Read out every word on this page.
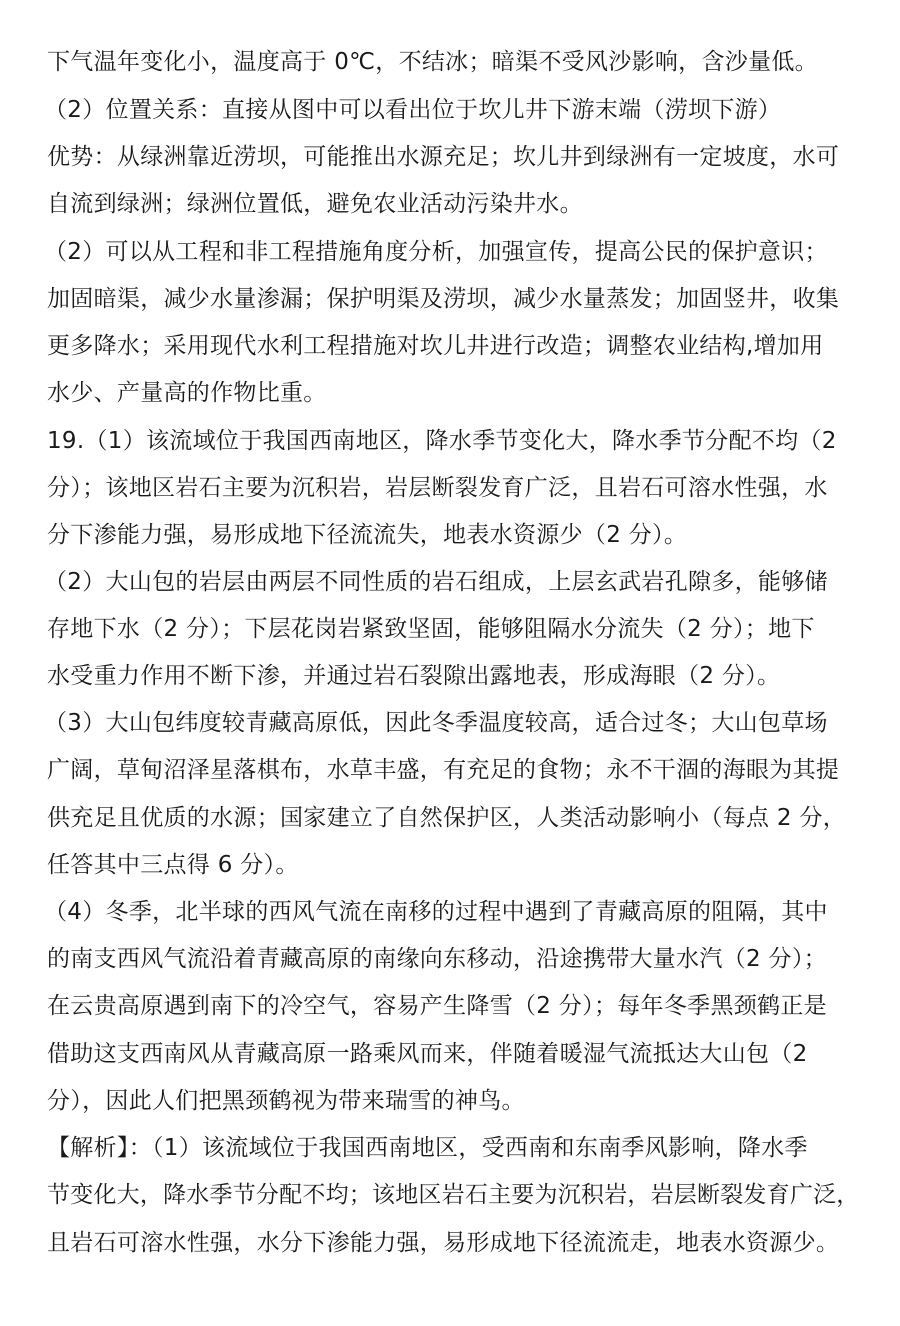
下气温年变化小，温度高于 0℃，不结冰；暗渠不受风沙影响，含沙量低。
（2）位置关系：直接从图中可以看出位于坎儿井下游末端（涝坝下游）
优势：从绿洲靠近涝坝，可能推出水源充足；坎儿井到绿洲有一定坡度，水可
自流到绿洲；绿洲位置低，避免农业活动污染井水。
（2）可以从工程和非工程措施角度分析，加强宣传，提高公民的保护意识；
加固暗渠，减少水量渗漏；保护明渠及涝坝，减少水量蒸发；加固竖井，收集
更多降水；采用现代水利工程措施对坎儿井进行改造；调整农业结构,增加用
水少、产量高的作物比重。
19.（1）该流域位于我国西南地区，降水季节变化大，降水季节分配不均（2
分）；该地区岩石主要为沉积岩，岩层断裂发育广泛，且岩石可溶水性强，水
分下渗能力强，易形成地下径流流失，地表水资源少（2 分）。
（2）大山包的岩层由两层不同性质的岩石组成，上层玄武岩孔隙多，能够储
存地下水（2 分）；下层花岗岩紧致坚固，能够阻隔水分流失（2 分）；地下
水受重力作用不断下渗，并通过岩石裂隙出露地表，形成海眼（2 分）。
（3）大山包纬度较青藏高原低，因此冬季温度较高，适合过冬；大山包草场
广阔，草甸沼泽星落棋布，水草丰盛，有充足的食物；永不干涸的海眼为其提
供充足且优质的水源；国家建立了自然保护区，人类活动影响小（每点 2 分，
任答其中三点得 6 分）。
（4）冬季，北半球的西风气流在南移的过程中遇到了青藏高原的阻隔，其中
的南支西风气流沿着青藏高原的南缘向东移动，沿途携带大量水汽（2 分）；
在云贵高原遇到南下的冷空气，容易产生降雪（2 分）；每年冬季黑颈鹤正是
借助这支西南风从青藏高原一路乘风而来，伴随着暖湿气流抵达大山包（2
分），因此人们把黑颈鹤视为带来瑞雪的神鸟。
【解析】：（1）该流域位于我国西南地区，受西南和东南季风影响，降水季
节变化大，降水季节分配不均；该地区岩石主要为沉积岩，岩层断裂发育广泛，
且岩石可溶水性强，水分下渗能力强，易形成地下径流流走，地表水资源少。
